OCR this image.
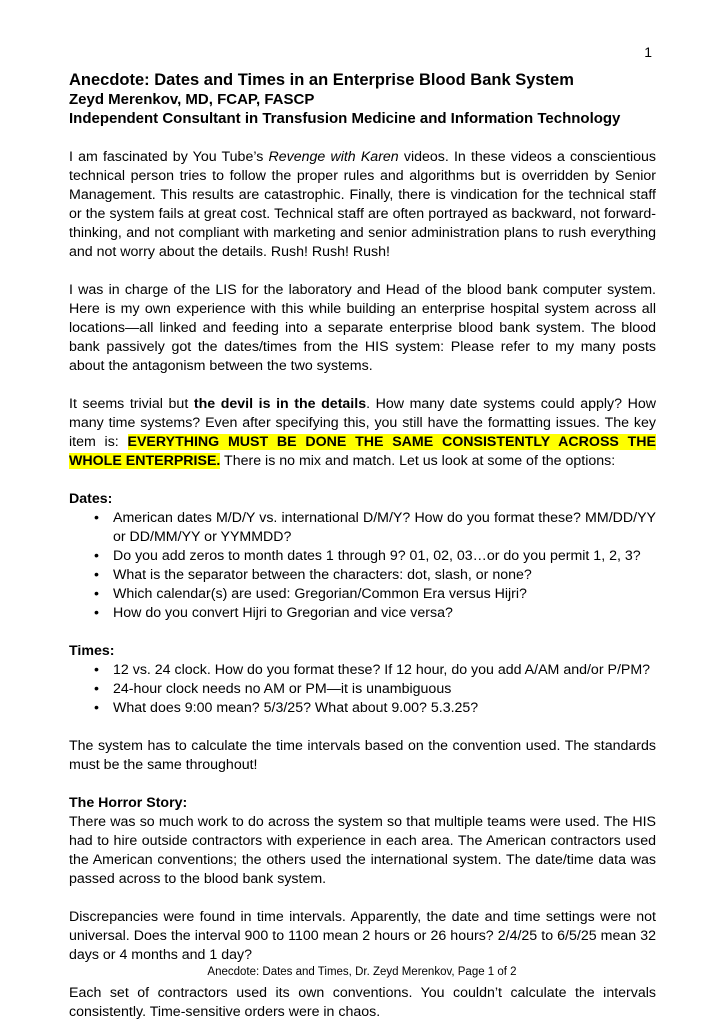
1

Anecdote: Dates and Times in an Enterprise Blood Bank System

Zeyd Merenkov, MD, FCAP, FASCP

Independent Consultant in Transfusion Medicine and Information Technology

I am fascinated by You Tube’s Revenge with Karen videos. In these videos a conscientious technical person tries to follow the proper rules and algorithms but is overridden by Senior Management. This results are catastrophic. Finally, there is vindication for the technical staff or the system fails at great cost. Technical staff are often portrayed as backward, not forward-thinking, and not compliant with marketing and senior administration plans to rush everything and not worry about the details. Rush! Rush! Rush!

I was in charge of the LIS for the laboratory and Head of the blood bank computer system. Here is my own experience with this while building an enterprise hospital system across all locations—all linked and feeding into a separate enterprise blood bank system. The blood bank passively got the dates/times from the HIS system: Please refer to my many posts about the antagonism between the two systems.

It seems trivial but the devil is in the details. How many date systems could apply? How many time systems? Even after specifying this, you still have the formatting issues. The key item is: EVERYTHING MUST BE DONE THE SAME CONSISTENTLY ACROSS THE WHOLE ENTERPRISE. There is no mix and match. Let us look at some of the options:

Dates:

• American dates M/D/Y vs. international D/M/Y? How do you format these? MM/DD/YY or DD/MM/YY or YYMMDD?
• Do you add zeros to month dates 1 through 9? 01, 02, 03…or do you permit 1, 2, 3?
• What is the separator between the characters: dot, slash, or none?
• Which calendar(s) are used: Gregorian/Common Era versus Hijri?
• How do you convert Hijri to Gregorian and vice versa?

Times:

• 12 vs. 24 clock. How do you format these? If 12 hour, do you add A/AM and/or P/PM?
• 24-hour clock needs no AM or PM—it is unambiguous
• What does 9:00 mean? 5/3/25? What about 9.00? 5.3.25?

The system has to calculate the time intervals based on the convention used. The standards must be the same throughout!

The Horror Story:

There was so much work to do across the system so that multiple teams were used. The HIS had to hire outside contractors with experience in each area. The American contractors used the American conventions; the others used the international system. The date/time data was passed across to the blood bank system.

Discrepancies were found in time intervals. Apparently, the date and time settings were not universal. Does the interval 900 to 1100 mean 2 hours or 26 hours? 2/4/25 to 6/5/25 mean 32 days or 4 months and 1 day?

Each set of contractors used its own conventions. You couldn’t calculate the intervals consistently. Time-sensitive orders were in chaos.

Anecdote: Dates and Times, Dr. Zeyd Merenkov, Page 1 of 2
